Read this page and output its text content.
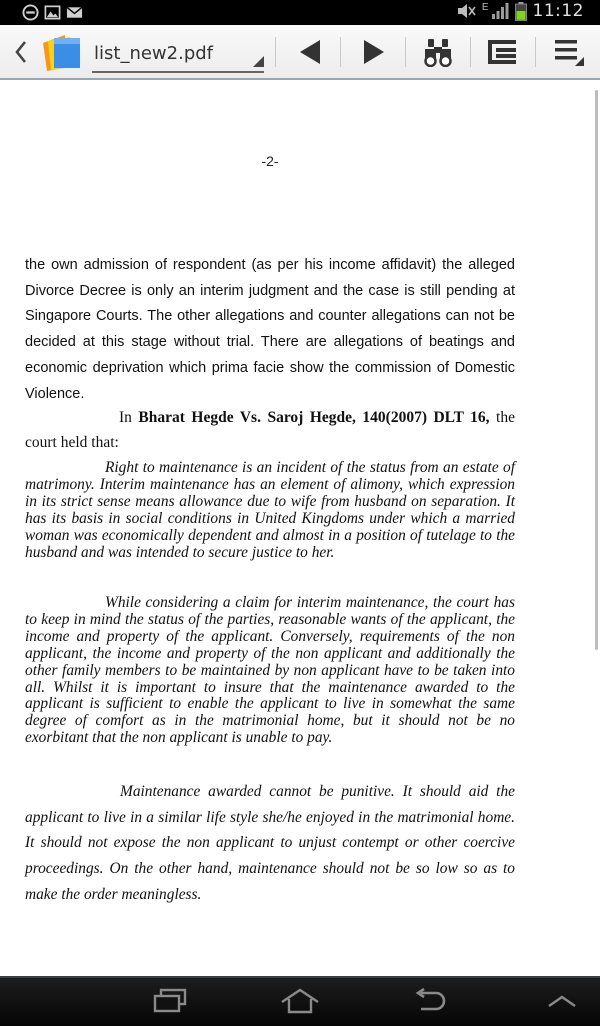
E	11:12
list_new2.pdf
-2-

the own admission of respondent (as per his income affidavit) the alleged Divorce Decree is only an interim judgment and the case is still pending at Singapore Courts. The other allegations and counter allegations can not be decided at this stage without trial. There are allegations of beatings and economic deprivation which prima facie show the commission of Domestic Violence.

In Bharat Hegde Vs. Saroj Hegde, 140(2007) DLT 16, the court held that:

Right to maintenance is an incident of the status from an estate of matrimony. Interim maintenance has an element of alimony, which expression in its strict sense means allowance due to wife from husband on separation. It has its basis in social conditions in United Kingdoms under which a married woman was economically dependent and almost in a position of tutelage to the husband and was intended to secure justice to her.

While considering a claim for interim maintenance, the court has to keep in mind the status of the parties, reasonable wants of the applicant, the income and property of the applicant. Conversely, requirements of the non applicant, the income and property of the non applicant and additionally the other family members to be maintained by non applicant have to be taken into all. Whilst it is important to insure that the maintenance awarded to the applicant is sufficient to enable the applicant to live in somewhat the same degree of comfort as in the matrimonial home, but it should not be no exorbitant that the non applicant is unable to pay.

Maintenance awarded cannot be punitive. It should aid the applicant to live in a similar life style she/he enjoyed in the matrimonial home. It should not expose the non applicant to unjust contempt or other coercive proceedings. On the other hand, maintenance should not be so low so as to make the order meaningless.
